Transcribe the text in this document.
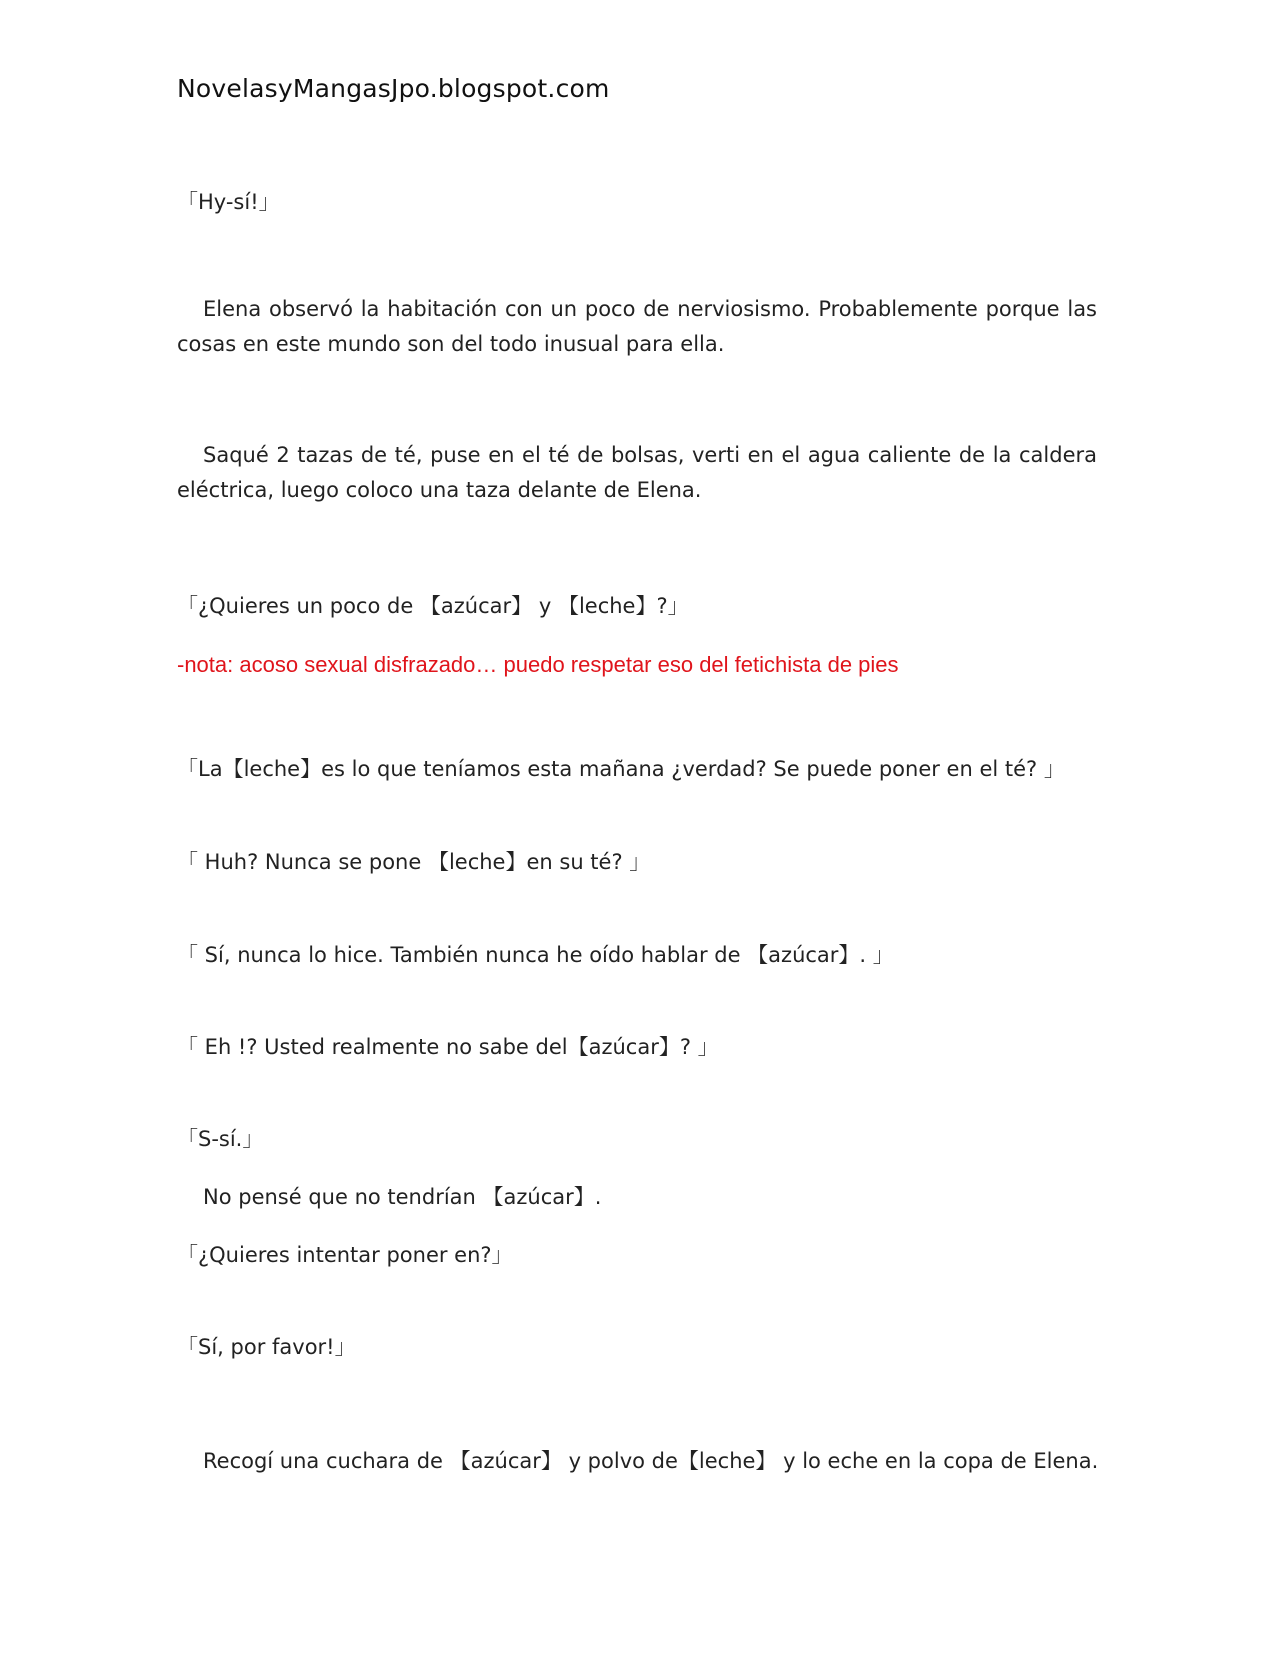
NovelasyMangasJpo.blogspot.com
「Hy-sí!」
Elena observó la habitación con un poco de nerviosismo. Probablemente porque las cosas en este mundo son del todo inusual para ella.
Saqué 2 tazas de té, puse en el té de bolsas, verti en el agua caliente de la caldera eléctrica, luego coloco una taza delante de Elena.
「¿Quieres un poco de 【azúcar】 y 【leche】?」
-nota: acoso sexual disfrazado… puedo respetar eso del fetichista de pies
「La【leche】es lo que teníamos esta mañana ¿verdad? Se puede poner en el té? 」
「 Huh? Nunca se pone 【leche】en su té? 」
「 Sí, nunca lo hice. También nunca he oído hablar de 【azúcar】. 」
「 Eh !? Usted realmente no sabe del【azúcar】? 」
「S-sí.」
No pensé que no tendrían 【azúcar】.
「¿Quieres intentar poner en?」
「Sí, por favor!」
Recogí una cuchara de 【azúcar】 y polvo de【leche】 y lo eche en la copa de Elena.
